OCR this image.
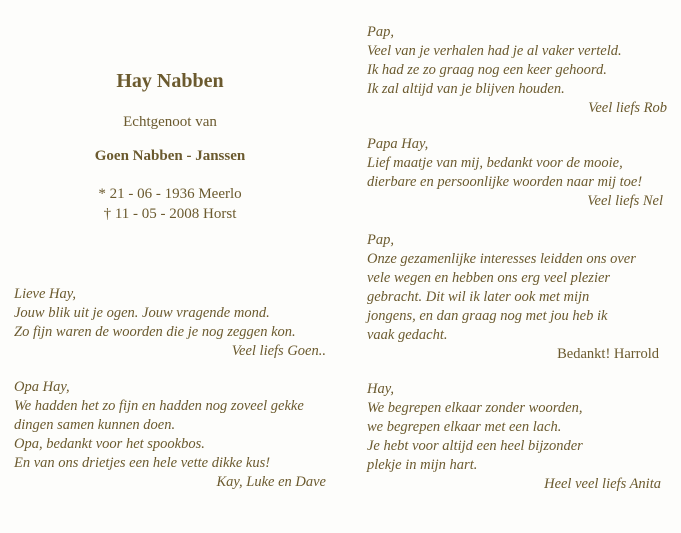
Hay Nabben
Echtgenoot van
Goen Nabben - Janssen
* 21 - 06 - 1936 Meerlo
† 11 - 05 - 2008 Horst
Lieve Hay,
Jouw blik uit je ogen. Jouw vragende mond.
Zo fijn waren de woorden die je nog zeggen kon.
Veel liefs Goen..
Opa Hay,
We hadden het zo fijn en hadden nog zoveel gekke
dingen samen kunnen doen.
Opa, bedankt voor het spookbos.
En van ons drietjes een hele vette dikke kus!
Kay, Luke en Dave
Pap,
Veel van je verhalen had je al vaker verteld.
Ik had ze zo graag nog een keer gehoord.
Ik zal altijd van je blijven houden.
Veel liefs Rob
Papa Hay,
Lief maatje van mij, bedankt voor de mooie,
dierbare en persoonlijke woorden naar mij toe!
Veel liefs Nel
Pap,
Onze gezamenlijke interesses leidden ons over
vele wegen en hebben ons erg veel plezier
gebracht. Dit wil ik later ook met mijn
jongens, en dan graag nog met jou heb ik
vaak gedacht.
Bedankt! Harrold
Hay,
We begrepen elkaar zonder woorden,
we begrepen elkaar met een lach.
Je hebt voor altijd een heel bijzonder
plekje in mijn hart.
Heel veel liefs Anita
